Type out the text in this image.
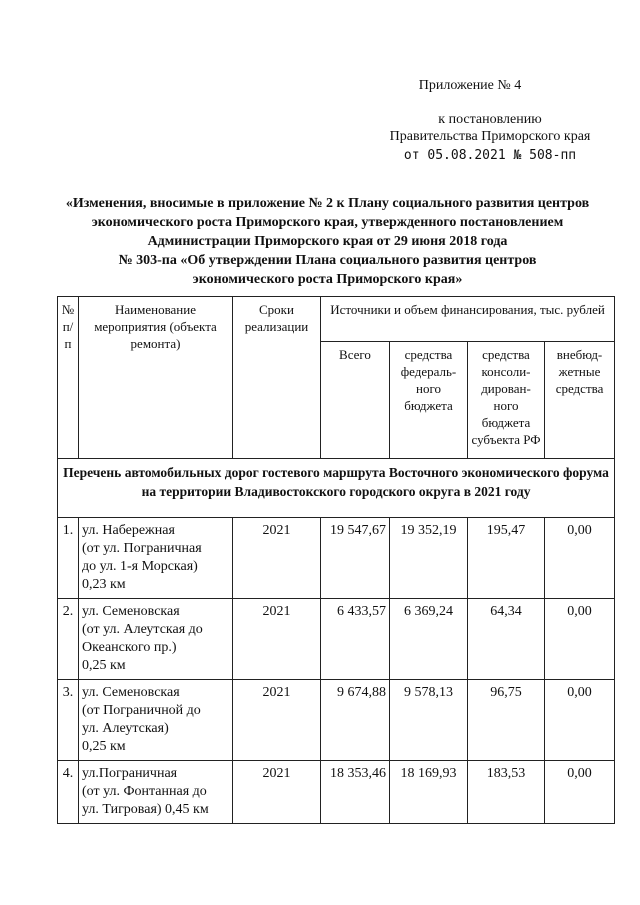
Приложение № 4
к постановлению
Правительства Приморского края
от 05.08.2021 № 508-пп
«Изменения, вносимые в приложение № 2 к Плану социального развития центров
экономического роста Приморского края, утвержденного постановлением
Администрации Приморского края от 29 июня 2018 года
№ 303-па «Об утверждении Плана социального развития центров
экономического роста Приморского края»
№ п/п	Наименование мероприятия (объекта ремонта)	Сроки реализации	Источники и объем финансирования, тыс. рублей			
			Всего	средства федераль- ного бюджета	средства консоли- дирован- ного бюджета субъекта РФ	внебюд- жетные средства
Перечень автомобильных дорог гостевого маршрута Восточного экономического форума на территории Владивостокского городского округа в 2021 году						
1.	ул. Набережная
(от ул. Пограничная
до ул. 1-я Морская)
0,23 км	2021	19 547,67	19 352,19	195,47	0,00
2.	ул. Семеновская
(от ул. Алеутская до
Океанского пр.)
0,25 км	2021	6 433,57	6 369,24	64,34	0,00
3.	ул. Семеновская
(от Пограничной до
ул. Алеутская)
0,25 км	2021	9 674,88	9 578,13	96,75	0,00
4.	ул.Пограничная
(от ул. Фонтанная до
ул. Тигровая) 0,45 км	2021	18 353,46	18 169,93	183,53	0,00
